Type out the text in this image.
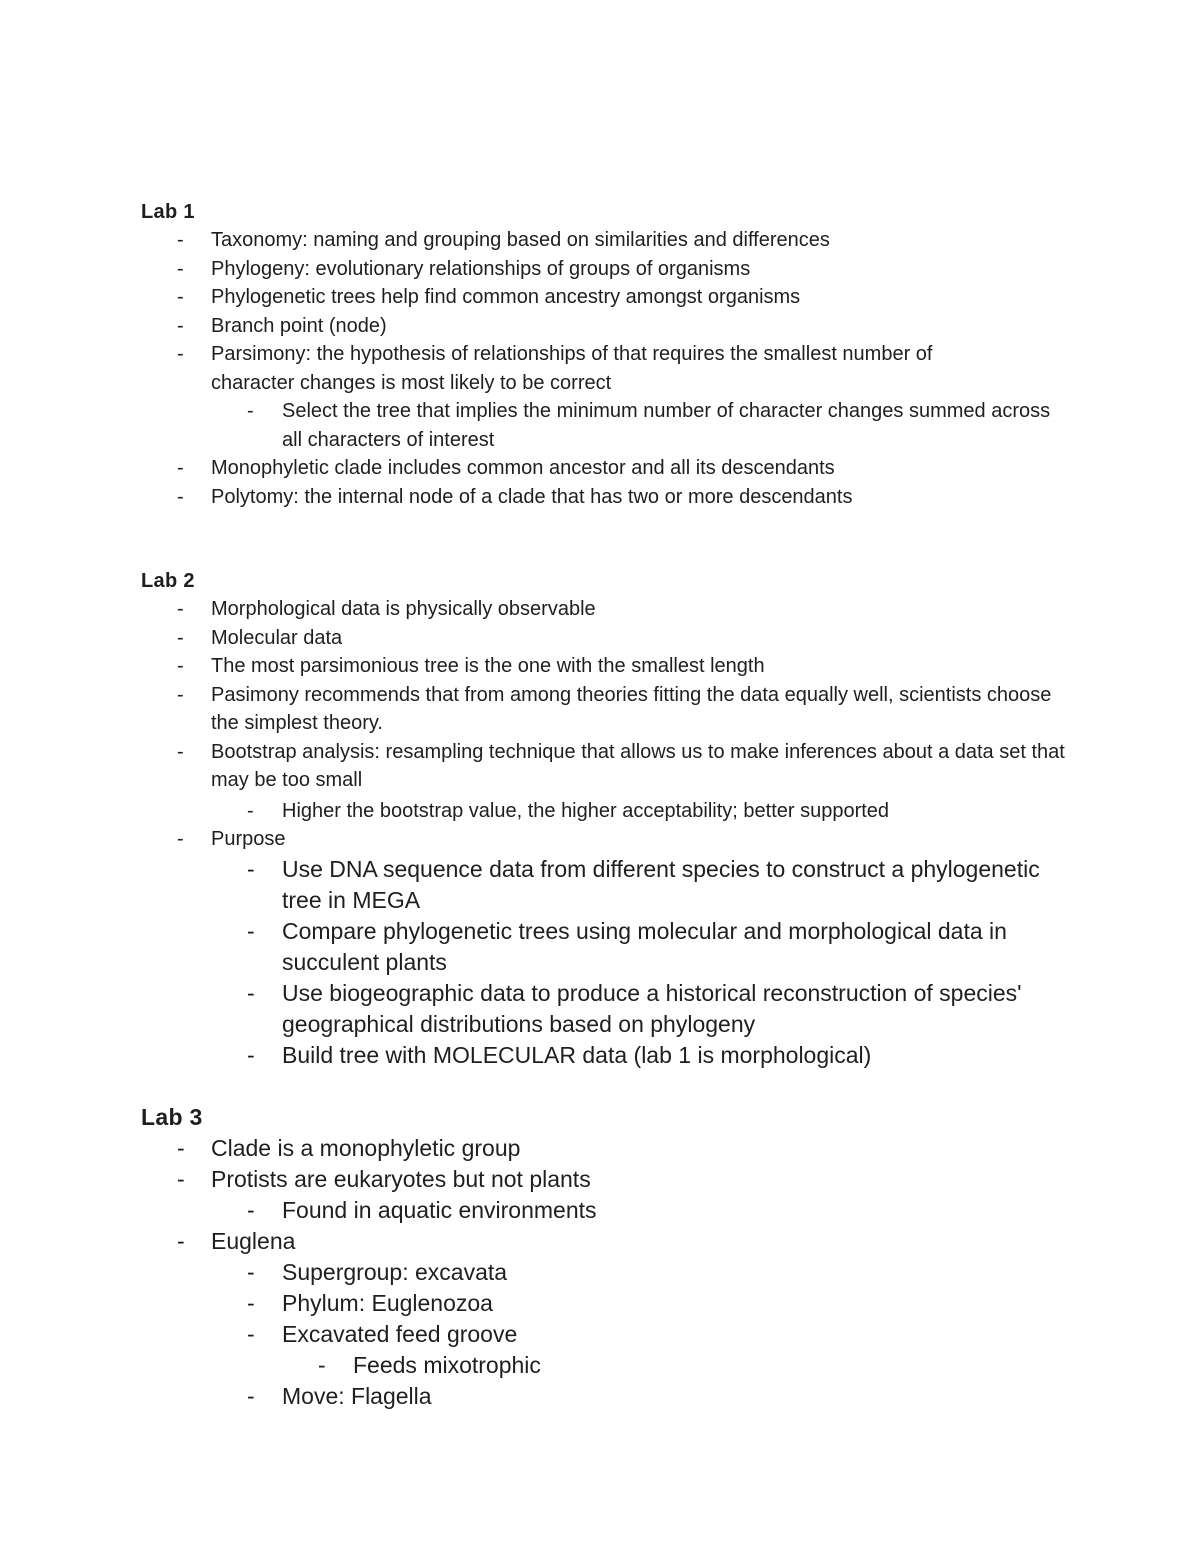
Lab 1
- Taxonomy: naming and grouping based on similarities and differences
- Phylogeny: evolutionary relationships of groups of organisms
- Phylogenetic trees help find common ancestry amongst organisms
- Branch point (node)
- Parsimony: the hypothesis of relationships of that requires the smallest number of character changes is most likely to be correct
- Select the tree that implies the minimum number of character changes summed across all characters of interest
- Monophyletic clade includes common ancestor and all its descendants
- Polytomy: the internal node of a clade that has two or more descendants
Lab 2
- Morphological data is physically observable
- Molecular data
- The most parsimonious tree is the one with the smallest length
- Pasimony recommends that from among theories fitting the data equally well, scientists choose the simplest theory.
- Bootstrap analysis: resampling technique that allows us to make inferences about a data set that may be too small
- Higher the bootstrap value, the higher acceptability; better supported
- Purpose
- Use DNA sequence data from different species to construct a phylogenetic tree in MEGA
- Compare phylogenetic trees using molecular and morphological data in succulent plants
- Use biogeographic data to produce a historical reconstruction of species' geographical distributions based on phylogeny
- Build tree with MOLECULAR data (lab 1 is morphological)
Lab 3
- Clade is a monophyletic group
- Protists are eukaryotes but not plants
- Found in aquatic environments
- Euglena
- Supergroup: excavata
- Phylum: Euglenozoa
- Excavated feed groove
- Feeds mixotrophic
- Move: Flagella
